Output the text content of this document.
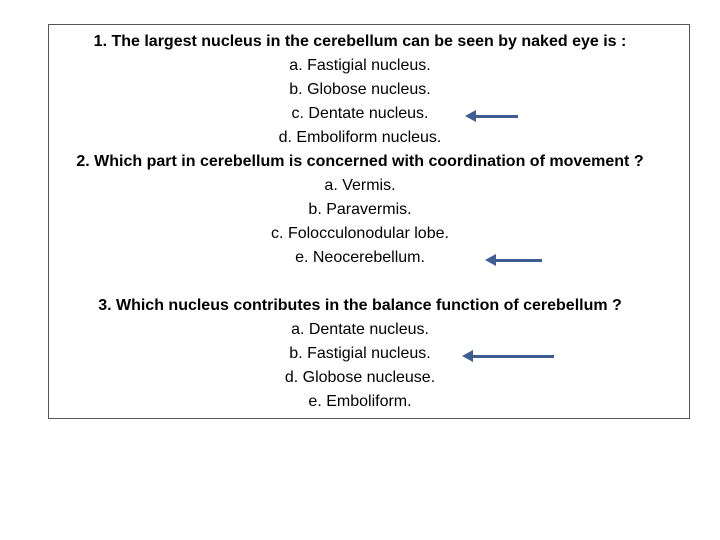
1. The largest nucleus in the cerebellum can be seen by naked eye is :
a. Fastigial nucleus.
b. Globose nucleus.
c. Dentate nucleus.
d. Emboliform nucleus.
2. Which part in cerebellum is concerned with coordination of movement ?
a. Vermis.
b. Paravermis.
c. Folocculonodular lobe.
e. Neocerebellum.
3. Which nucleus contributes in the balance function of cerebellum ?
a. Dentate nucleus.
b. Fastigial nucleus.
d. Globose nucleuse.
e. Emboliform.
